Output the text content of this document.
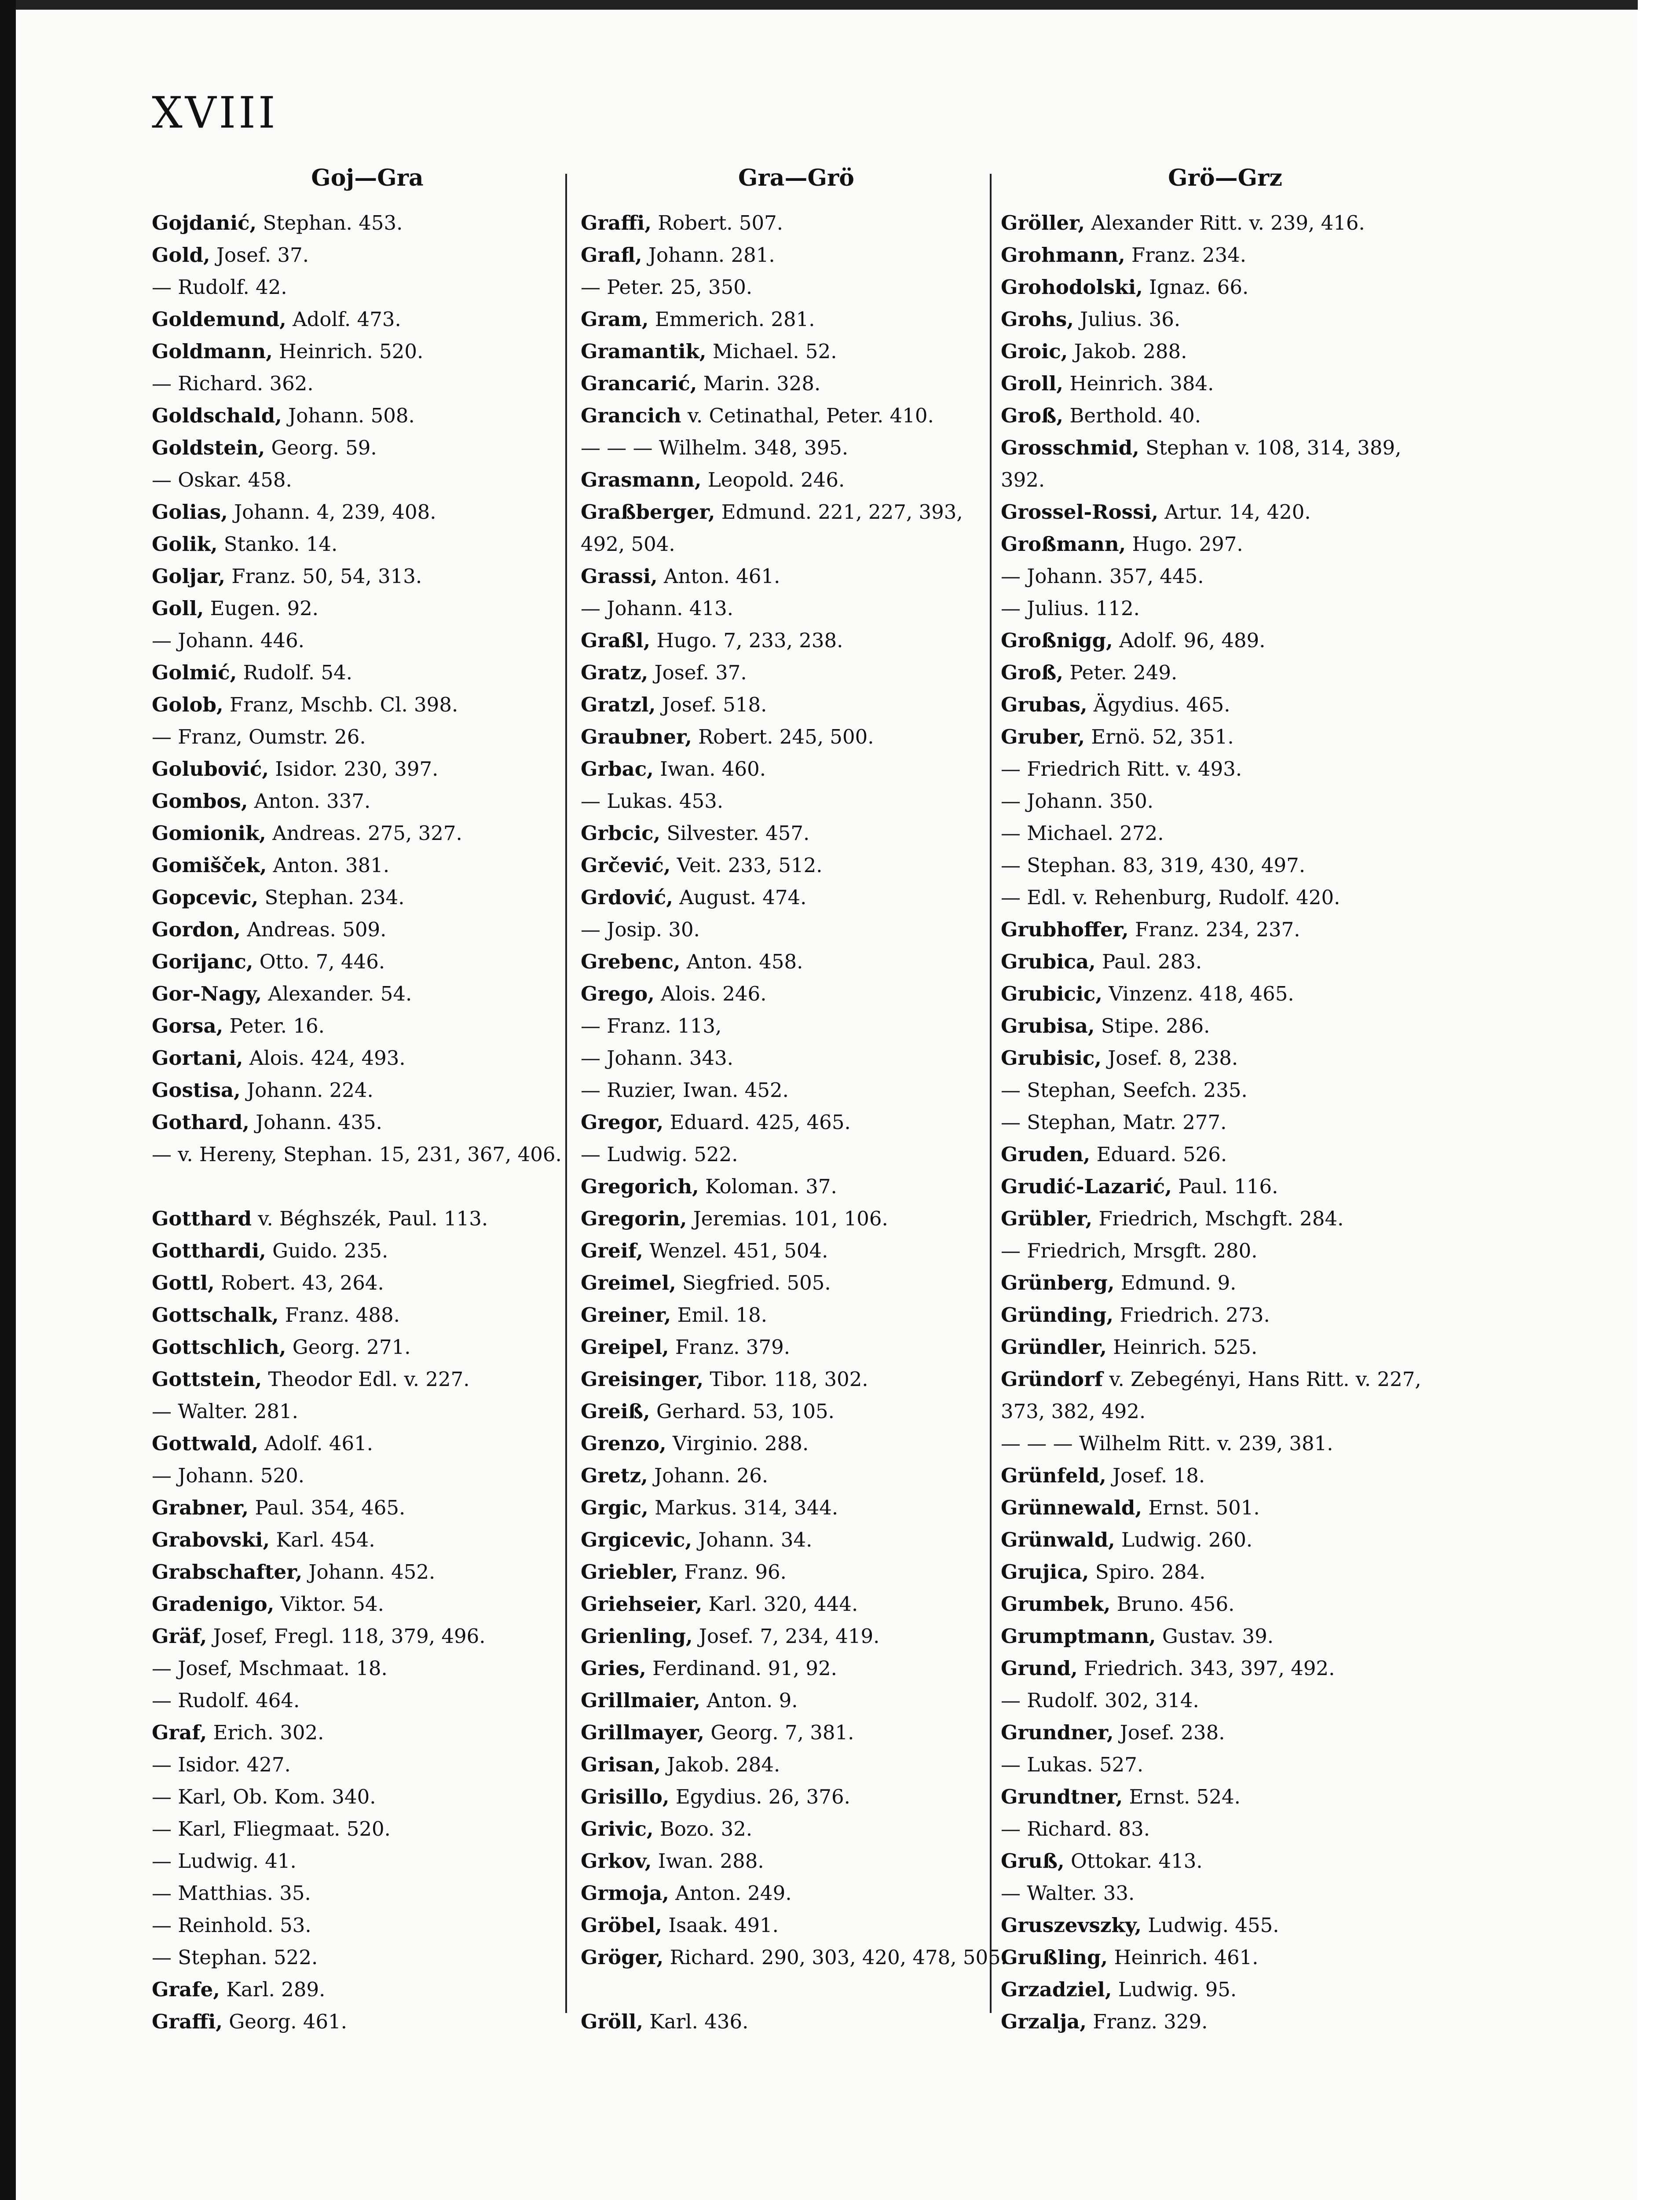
XVIII
Goj—Gra
Gojdanić, Stephan. 453.
Gold, Josef. 37.
— Rudolf. 42.
Goldemund, Adolf. 473.
Goldmann, Heinrich. 520.
— Richard. 362.
Goldschald, Johann. 508.
Goldstein, Georg. 59.
— Oskar. 458.
Golias, Johann. 4, 239, 408.
Golik, Stanko. 14.
Goljar, Franz. 50, 54, 313.
Goll, Eugen. 92.
— Johann. 446.
Golmić, Rudolf. 54.
Golob, Franz, Mschb. Cl. 398.
— Franz, Oumstr. 26.
Golubović, Isidor. 230, 397.
Gombos, Anton. 337.
Gomionik, Andreas. 275, 327.
Gomišček, Anton. 381.
Gopcevic, Stephan. 234.
Gordon, Andreas. 509.
Gorijanc, Otto. 7, 446.
Gor-Nagy, Alexander. 54.
Gorsa, Peter. 16.
Gortani, Alois. 424, 493.
Gostisa, Johann. 224.
Gothard, Johann. 435.
— v. Hereny, Stephan. 15, 231, 367, 406.
Gotthard v. Béghszék, Paul. 113.
Gotthardi, Guido. 235.
Gottl, Robert. 43, 264.
Gottschalk, Franz. 488.
Gottschlich, Georg. 271.
Gottstein, Theodor Edl. v. 227.
— Walter. 281.
Gottwald, Adolf. 461.
— Johann. 520.
Grabner, Paul. 354, 465.
Grabovski, Karl. 454.
Grabschafter, Johann. 452.
Gradenigo, Viktor. 54.
Gräf, Josef, Fregl. 118, 379, 496.
— Josef, Mschmaat. 18.
— Rudolf. 464.
Graf, Erich. 302.
— Isidor. 427.
— Karl, Ob. Kom. 340.
— Karl, Fliegmaat. 520.
— Ludwig. 41.
— Matthias. 35.
— Reinhold. 53.
— Stephan. 522.
Grafe, Karl. 289.
Graffi, Georg. 461.
Gra—Grö
Graffi, Robert. 507.
Grafl, Johann. 281.
— Peter. 25, 350.
Gram, Emmerich. 281.
Gramantik, Michael. 52.
Grancarić, Marin. 328.
Grancich v. Cetinathal, Peter. 410.
— — — Wilhelm. 348, 395.
Grasmann, Leopold. 246.
Graßberger, Edmund. 221, 227, 393, 492, 504.
Grassi, Anton. 461.
— Johann. 413.
Graßl, Hugo. 7, 233, 238.
Gratz, Josef. 37.
Gratzl, Josef. 518.
Graubner, Robert. 245, 500.
Grbac, Iwan. 460.
— Lukas. 453.
Grbcic, Silvester. 457.
Grčević, Veit. 233, 512.
Grdović, August. 474.
— Josip. 30.
Grebenc, Anton. 458.
Grego, Alois. 246.
— Franz. 113,
— Johann. 343.
— Ruzier, Iwan. 452.
Gregor, Eduard. 425, 465.
— Ludwig. 522.
Gregorich, Koloman. 37.
Gregorin, Jeremias. 101, 106.
Greif, Wenzel. 451, 504.
Greimel, Siegfried. 505.
Greiner, Emil. 18.
Greipel, Franz. 379.
Greisinger, Tibor. 118, 302.
Greiß, Gerhard. 53, 105.
Grenzo, Virginio. 288.
Gretz, Johann. 26.
Grgic, Markus. 314, 344.
Grgicevic, Johann. 34.
Griebler, Franz. 96.
Griehseier, Karl. 320, 444.
Grienling, Josef. 7, 234, 419.
Gries, Ferdinand. 91, 92.
Grillmaier, Anton. 9.
Grillmayer, Georg. 7, 381.
Grisan, Jakob. 284.
Grisillo, Egydius. 26, 376.
Grivic, Bozo. 32.
Grkov, Iwan. 288.
Grmoja, Anton. 249.
Gröbel, Isaak. 491.
Gröger, Richard. 290, 303, 420, 478, 505.
Gröll, Karl. 436.
Grö—Grz
Gröller, Alexander Ritt. v. 239, 416.
Grohmann, Franz. 234.
Grohodolski, Ignaz. 66.
Grohs, Julius. 36.
Groic, Jakob. 288.
Groll, Heinrich. 384.
Groß, Berthold. 40.
Grosschmid, Stephan v. 108, 314, 389, 392.
Grossel-Rossi, Artur. 14, 420.
Großmann, Hugo. 297.
— Johann. 357, 445.
— Julius. 112.
Großnigg, Adolf. 96, 489.
Groß, Peter. 249.
Grubas, Ägydius. 465.
Gruber, Ernö. 52, 351.
— Friedrich Ritt. v. 493.
— Johann. 350.
— Michael. 272.
— Stephan. 83, 319, 430, 497.
— Edl. v. Rehenburg, Rudolf. 420.
Grubhoffer, Franz. 234, 237.
Grubica, Paul. 283.
Grubicic, Vinzenz. 418, 465.
Grubisa, Stipe. 286.
Grubisic, Josef. 8, 238.
— Stephan, Seefch. 235.
— Stephan, Matr. 277.
Gruden, Eduard. 526.
Grudić-Lazarić, Paul. 116.
Grübler, Friedrich, Mschgft. 284.
— Friedrich, Mrsgft. 280.
Grünberg, Edmund. 9.
Gründing, Friedrich. 273.
Gründler, Heinrich. 525.
Gründorf v. Zebegényi, Hans Ritt. v. 227, 373, 382, 492.
— — — Wilhelm Ritt. v. 239, 381.
Grünfeld, Josef. 18.
Grünnewald, Ernst. 501.
Grünwald, Ludwig. 260.
Grujica, Spiro. 284.
Grumbek, Bruno. 456.
Grumptmann, Gustav. 39.
Grund, Friedrich. 343, 397, 492.
— Rudolf. 302, 314.
Grundner, Josef. 238.
— Lukas. 527.
Grundtner, Ernst. 524.
— Richard. 83.
Gruß, Ottokar. 413.
— Walter. 33.
Gruszevszky, Ludwig. 455.
Grußling, Heinrich. 461.
Grzadziel, Ludwig. 95.
Grzalja, Franz. 329.
